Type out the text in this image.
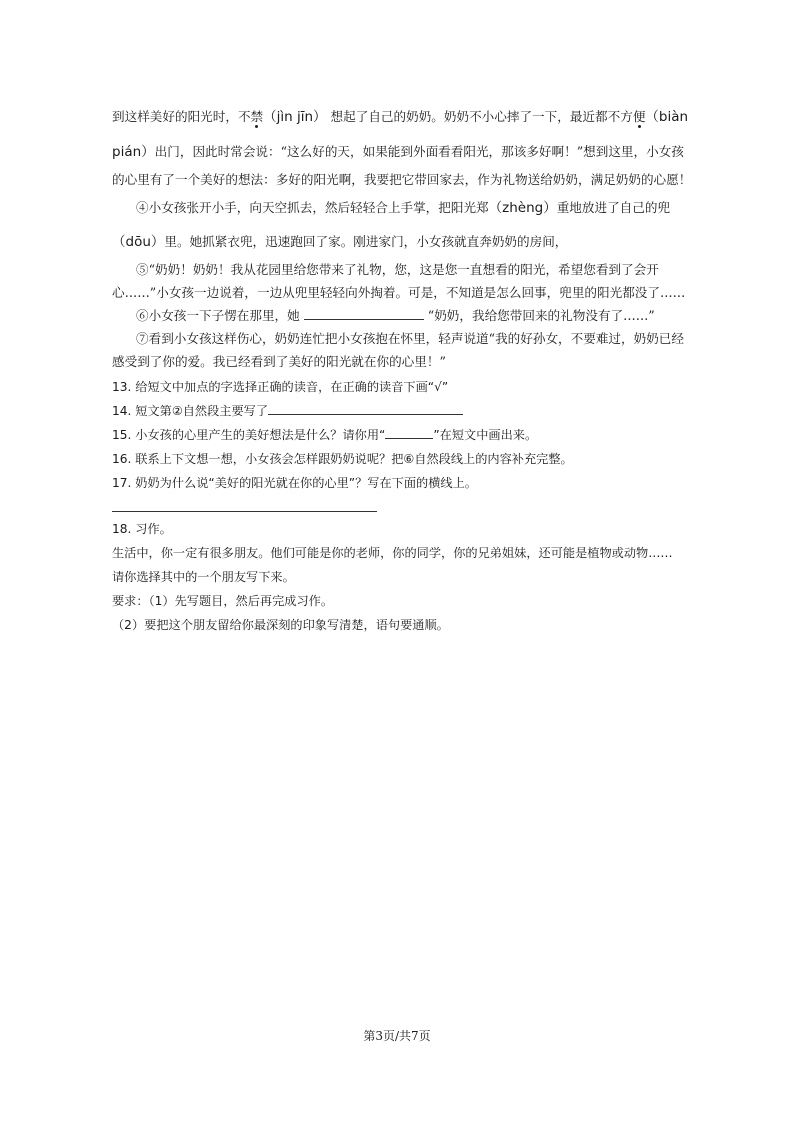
到这样美好的阳光时，不禁（jìn jīn） 想起了自己的奶奶。奶奶不小心摔了一下，最近都不方便（biàn
pián）出门，因此时常会说：“这么好的天，如果能到外面看看阳光，那该多好啊！”想到这里，小女孩
的心里有了一个美好的想法：多好的阳光啊，我要把它带回家去，作为礼物送给奶奶，满足奶奶的心愿！
④小女孩张开小手，向天空抓去，然后轻轻合上手掌，把阳光郑（zhèng）重地放进了自己的兜
（dōu）里。她抓紧衣兜，迅速跑回了家。刚进家门，小女孩就直奔奶奶的房间，
⑤“奶奶！奶奶！我从花园里给您带来了礼物，您，这是您一直想看的阳光，希望您看到了会开
心……”小女孩一边说着，一边从兜里轻轻向外掏着。可是，不知道是怎么回事，兜里的阳光都没了……
⑥小女孩一下子愣在那里，她	“奶奶，我给您带回来的礼物没有了……”
⑦看到小女孩这样伤心，奶奶连忙把小女孩抱在怀里，轻声说道“我的好孙女，不要难过，奶奶已经
感受到了你的爱。我已经看到了美好的阳光就在你的心里！”
13. 给短文中加点的字选择正确的读音，在正确的读音下画“√”
14. 短文第②自然段主要写了
15. 小女孩的心里产生的美好想法是什么？请你用“	”在短文中画出来。
16. 联系上下文想一想，小女孩会怎样跟奶奶说呢？把⑥自然段线上的内容补充完整。
17. 奶奶为什么说“美好的阳光就在你的心里”？写在下面的横线上。
18. 习作。
生活中，你一定有很多朋友。他们可能是你的老师，你的同学，你的兄弟姐妹，还可能是植物或动物……
请你选择其中的一个朋友写下来。
要求：（1）先写题目，然后再完成习作。
（2）要把这个朋友留给你最深刻的印象写清楚，语句要通顺。
第3页/共7页
